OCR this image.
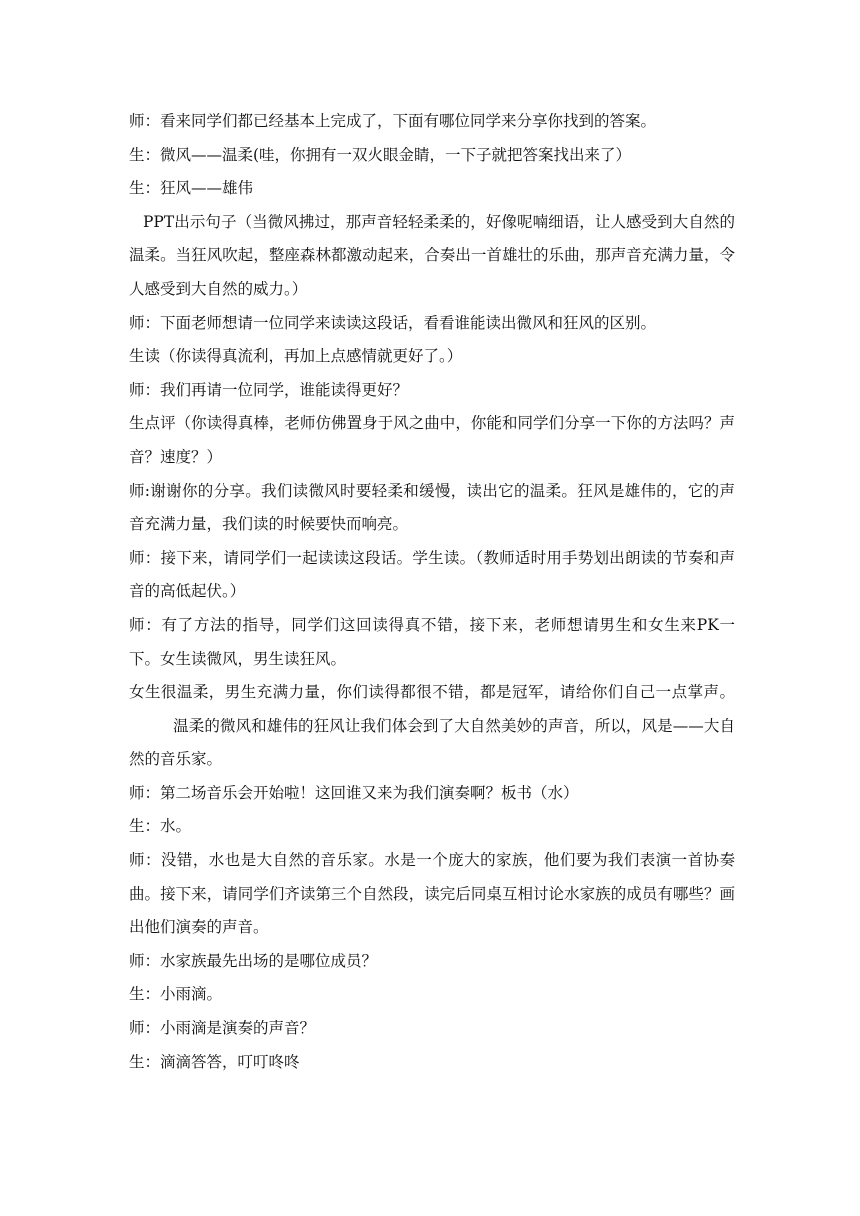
师：看来同学们都已经基本上完成了，下面有哪位同学来分享你找到的答案。

生：微风——温柔(哇，你拥有一双火眼金睛，一下子就把答案找出来了）

生：狂风——雄伟

PPT出示句子（当微风拂过，那声音轻轻柔柔的，好像呢喃细语，让人感受到大自然的温柔。当狂风吹起，整座森林都激动起来，合奏出一首雄壮的乐曲，那声音充满力量，令人感受到大自然的威力。）

师：下面老师想请一位同学来读读这段话，看看谁能读出微风和狂风的区别。

生读（你读得真流利，再加上点感情就更好了。）

师：我们再请一位同学，谁能读得更好？

生点评（你读得真棒，老师仿佛置身于风之曲中，你能和同学们分享一下你的方法吗？声音？速度？）

师:谢谢你的分享。我们读微风时要轻柔和缓慢，读出它的温柔。狂风是雄伟的，它的声音充满力量，我们读的时候要快而响亮。

师：接下来，请同学们一起读读这段话。学生读。（教师适时用手势划出朗读的节奏和声音的高低起伏。）

师：有了方法的指导，同学们这回读得真不错，接下来，老师想请男生和女生来PK一下。女生读微风，男生读狂风。

女生很温柔，男生充满力量，你们读得都很不错，都是冠军，请给你们自己一点掌声。温柔的微风和雄伟的狂风让我们体会到了大自然美妙的声音，所以，风是——大自然的音乐家。

师：第二场音乐会开始啦！这回谁又来为我们演奏啊？板书（水）

生：水。

师：没错，水也是大自然的音乐家。水是一个庞大的家族，他们要为我们表演一首协奏曲。接下来，请同学们齐读第三个自然段，读完后同桌互相讨论水家族的成员有哪些？画出他们演奏的声音。

师：水家族最先出场的是哪位成员？

生：小雨滴。

师：小雨滴是演奏的声音？

生：滴滴答答，叮叮咚咚
